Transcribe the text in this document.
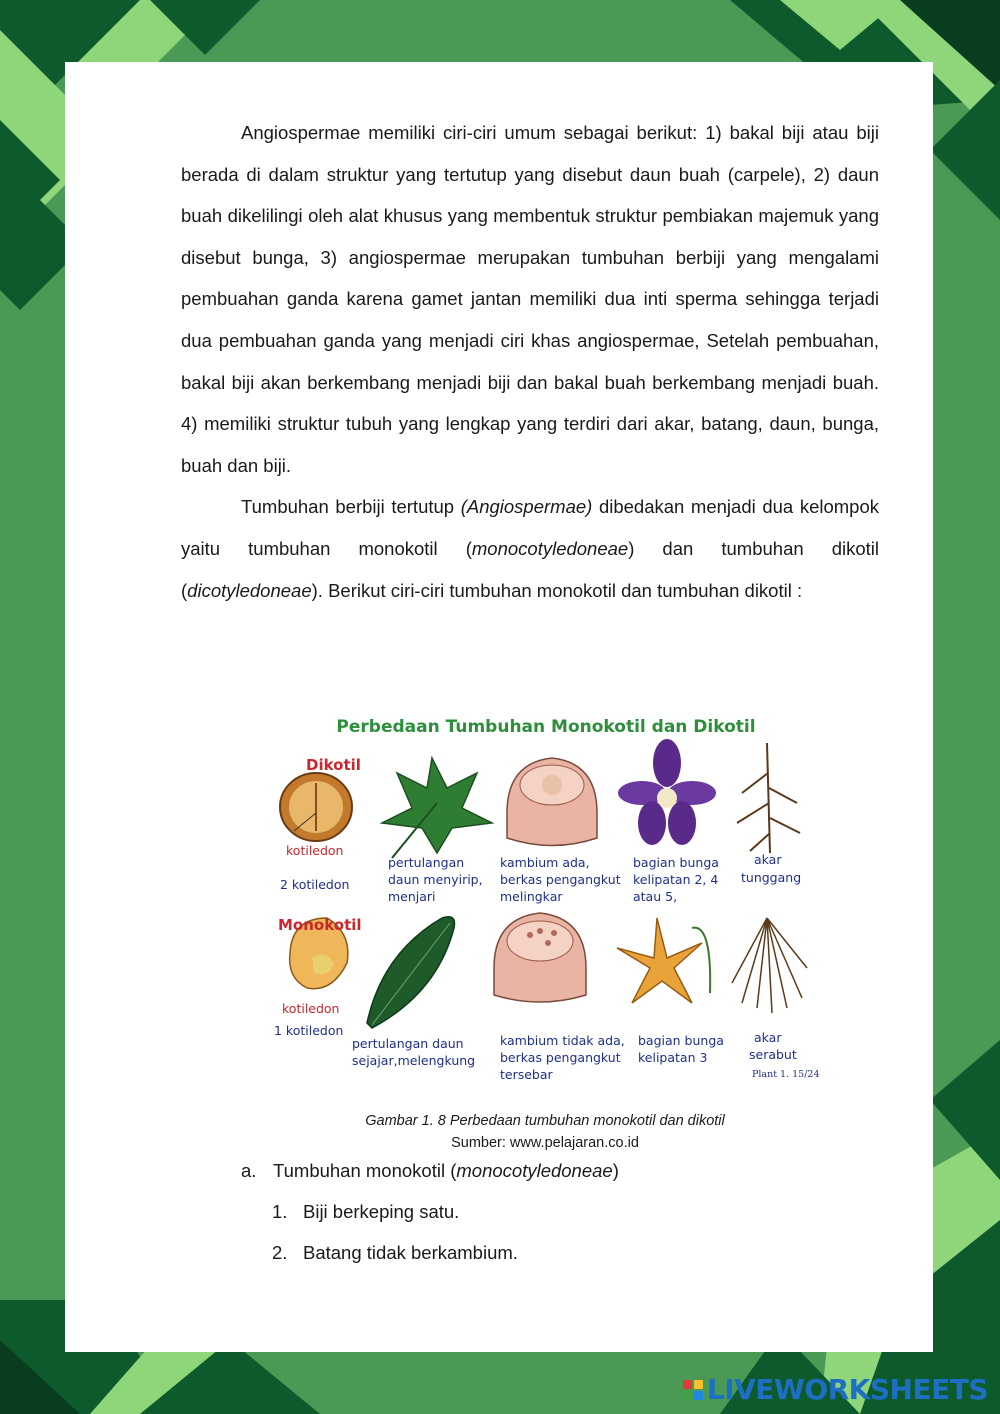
Angiospermae memiliki ciri-ciri umum sebagai berikut: 1) bakal biji atau biji berada di dalam struktur yang tertutup yang disebut daun buah (carpele), 2) daun buah dikelilingi oleh alat khusus yang membentuk struktur pembiakan majemuk yang disebut bunga, 3) angiospermae merupakan tumbuhan berbiji yang mengalami pembuahan ganda karena gamet jantan memiliki dua inti sperma sehingga terjadi dua pembuahan ganda yang menjadi ciri khas angiospermae, Setelah pembuahan, bakal biji akan berkembang menjadi biji dan bakal buah berkembang menjadi buah. 4) memiliki struktur tubuh yang lengkap yang terdiri dari akar, batang, daun, bunga, buah dan biji.

Tumbuhan berbiji tertutup (Angiospermae) dibedakan menjadi dua kelompok yaitu tumbuhan monokotil (monocotyledoneae) dan tumbuhan dikotil (dicotyledoneae). Berikut ciri-ciri tumbuhan monokotil dan tumbuhan dikotil :

Perbedaan Tumbuhan Monokotil dan Dikotil
Dikotil
kotiledon
2 kotiledon
pertulangan
daun menyirip,
menjari
kambium ada,
berkas pengangkut
melingkar
bagian bunga
kelipatan 2, 4
atau 5,
akar
tunggang
Monokotil
kotiledon
1 kotiledon
pertulangan daun
sejajar,melengkung
kambium tidak ada,
berkas pengangkut
tersebar
bagian bunga
kelipatan 3
akar
serabut
Plant 1. 15/24
Gambar 1. 8 Perbedaan tumbuhan monokotil dan dikotil
Sumber: www.pelajaran.co.id
a. Tumbuhan monokotil (monocotyledoneae)
1. Biji berkeping satu.
2. Batang tidak berkambium.
LIVEWORKSHEETS
